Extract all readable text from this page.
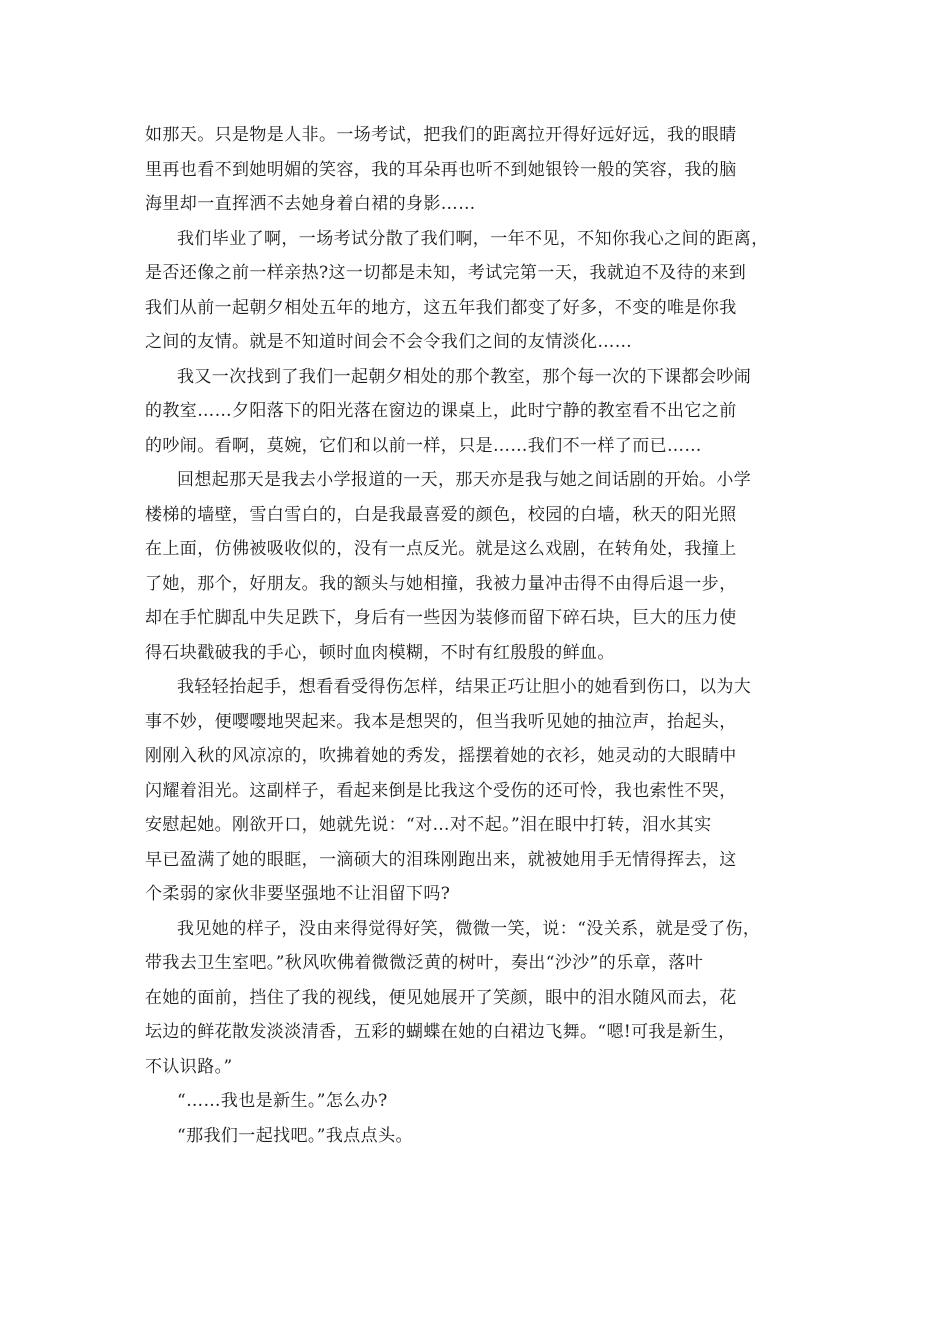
如那天。只是物是人非。一场考试，把我们的距离拉开得好远好远，我的眼睛
里再也看不到她明媚的笑容，我的耳朵再也听不到她银铃一般的笑容，我的脑
海里却一直挥洒不去她身着白裙的身影……
我们毕业了啊，一场考试分散了我们啊，一年不见，不知你我心之间的距离，
是否还像之前一样亲热?这一切都是未知，考试完第一天，我就迫不及待的来到
我们从前一起朝夕相处五年的地方，这五年我们都变了好多，不变的唯是你我
之间的友情。就是不知道时间会不会令我们之间的友情淡化……
我又一次找到了我们一起朝夕相处的那个教室，那个每一次的下课都会吵闹
的教室……夕阳落下的阳光落在窗边的课桌上，此时宁静的教室看不出它之前
的吵闹。看啊，莫婉，它们和以前一样，只是……我们不一样了而已……
回想起那天是我去小学报道的一天，那天亦是我与她之间话剧的开始。小学
楼梯的墙壁，雪白雪白的，白是我最喜爱的颜色，校园的白墙，秋天的阳光照
在上面，仿佛被吸收似的，没有一点反光。就是这么戏剧，在转角处，我撞上
了她，那个，好朋友。我的额头与她相撞，我被力量冲击得不由得后退一步，
却在手忙脚乱中失足跌下，身后有一些因为装修而留下碎石块，巨大的压力使
得石块戳破我的手心，顿时血肉模糊，不时有红殷殷的鲜血。
我轻轻抬起手，想看看受得伤怎样，结果正巧让胆小的她看到伤口，以为大
事不妙，便嘤嘤地哭起来。我本是想哭的，但当我听见她的抽泣声，抬起头，
刚刚入秋的风凉凉的，吹拂着她的秀发，摇摆着她的衣衫，她灵动的大眼睛中
闪耀着泪光。这副样子，看起来倒是比我这个受伤的还可怜，我也索性不哭，
安慰起她。刚欲开口，她就先说：“对…对不起。”泪在眼中打转，泪水其实
早已盈满了她的眼眶，一滴硕大的泪珠刚跑出来，就被她用手无情得挥去，这
个柔弱的家伙非要坚强地不让泪留下吗?
我见她的样子，没由来得觉得好笑，微微一笑，说：“没关系，就是受了伤，
带我去卫生室吧。”秋风吹佛着微微泛黄的树叶，奏出“沙沙”的乐章，落叶
在她的面前，挡住了我的视线，便见她展开了笑颜，眼中的泪水随风而去，花
坛边的鲜花散发淡淡清香，五彩的蝴蝶在她的白裙边飞舞。“嗯!可我是新生，
不认识路。”
“……我也是新生。”怎么办?
“那我们一起找吧。”我点点头。
